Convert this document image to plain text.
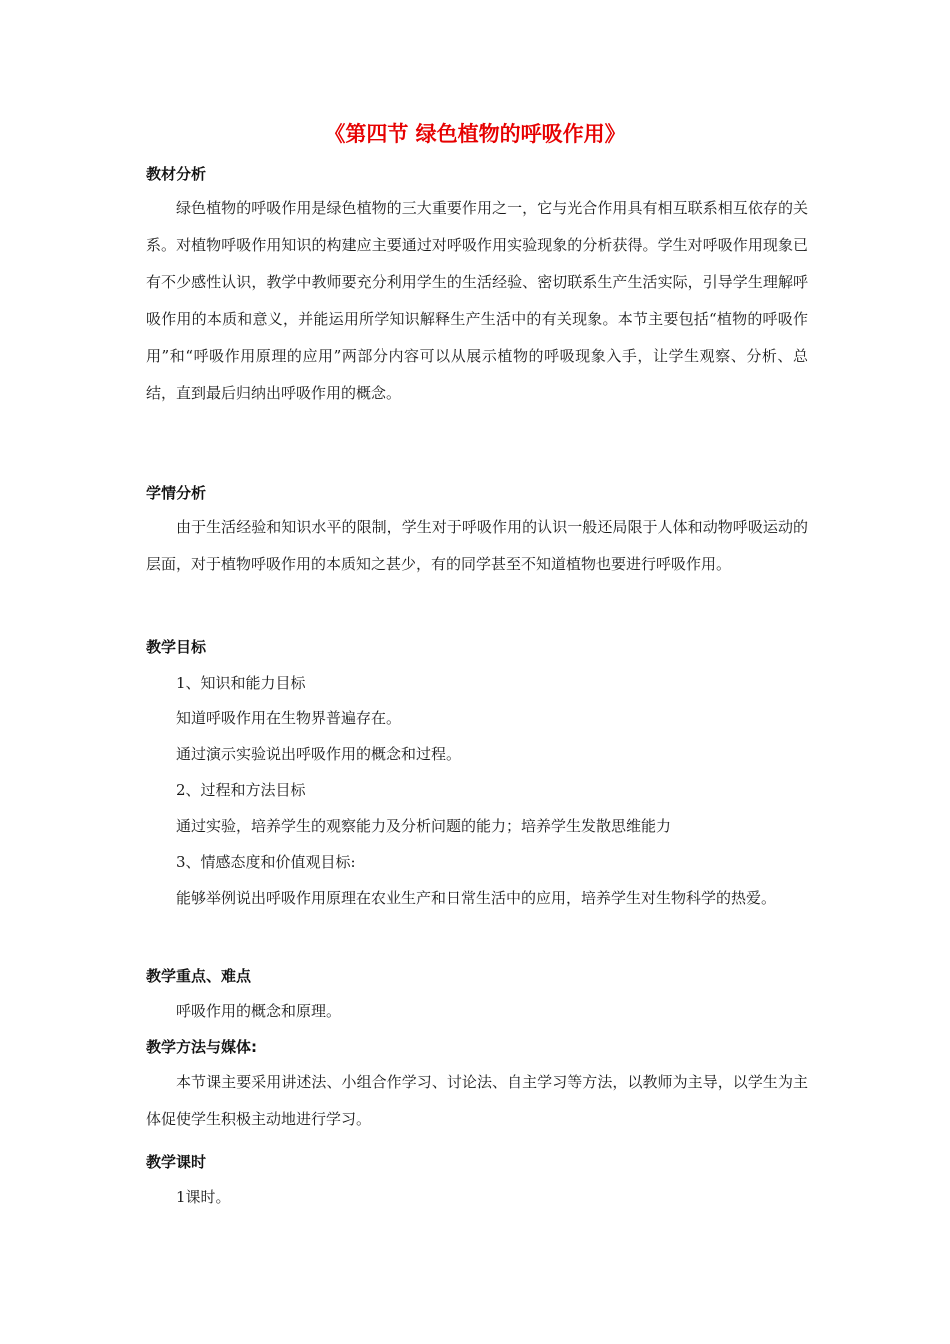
《第四节 绿色植物的呼吸作用》
教材分析

绿色植物的呼吸作用是绿色植物的三大重要作用之一，它与光合作用具有相互联系相互依存的关系。对植物呼吸作用知识的构建应主要通过对呼吸作用实验现象的分析获得。学生对呼吸作用现象已有不少感性认识，教学中教师要充分利用学生的生活经验、密切联系生产生活实际，引导学生理解呼吸作用的本质和意义，并能运用所学知识解释生产生活中的有关现象。本节主要包括“植物的呼吸作用”和“呼吸作用原理的应用”两部分内容可以从展示植物的呼吸现象入手，让学生观察、分析、总结，直到最后归纳出呼吸作用的概念。

学情分析

由于生活经验和知识水平的限制，学生对于呼吸作用的认识一般还局限于人体和动物呼吸运动的层面，对于植物呼吸作用的本质知之甚少，有的同学甚至不知道植物也要进行呼吸作用。

教学目标
1、知识和能力目标
知道呼吸作用在生物界普遍存在。
通过演示实验说出呼吸作用的概念和过程。
2、过程和方法目标
通过实验，培养学生的观察能力及分析问题的能力；培养学生发散思维能力
3、情感态度和价值观目标:

能够举例说出呼吸作用原理在农业生产和日常生活中的应用，培养学生对生物科学的热爱。

教学重点、难点
呼吸作用的概念和原理。
教学方法与媒体:

本节课主要采用讲述法、小组合作学习、讨论法、自主学习等方法，以教师为主导，以学生为主体促使学生积极主动地进行学习。

教学课时
1课时。
